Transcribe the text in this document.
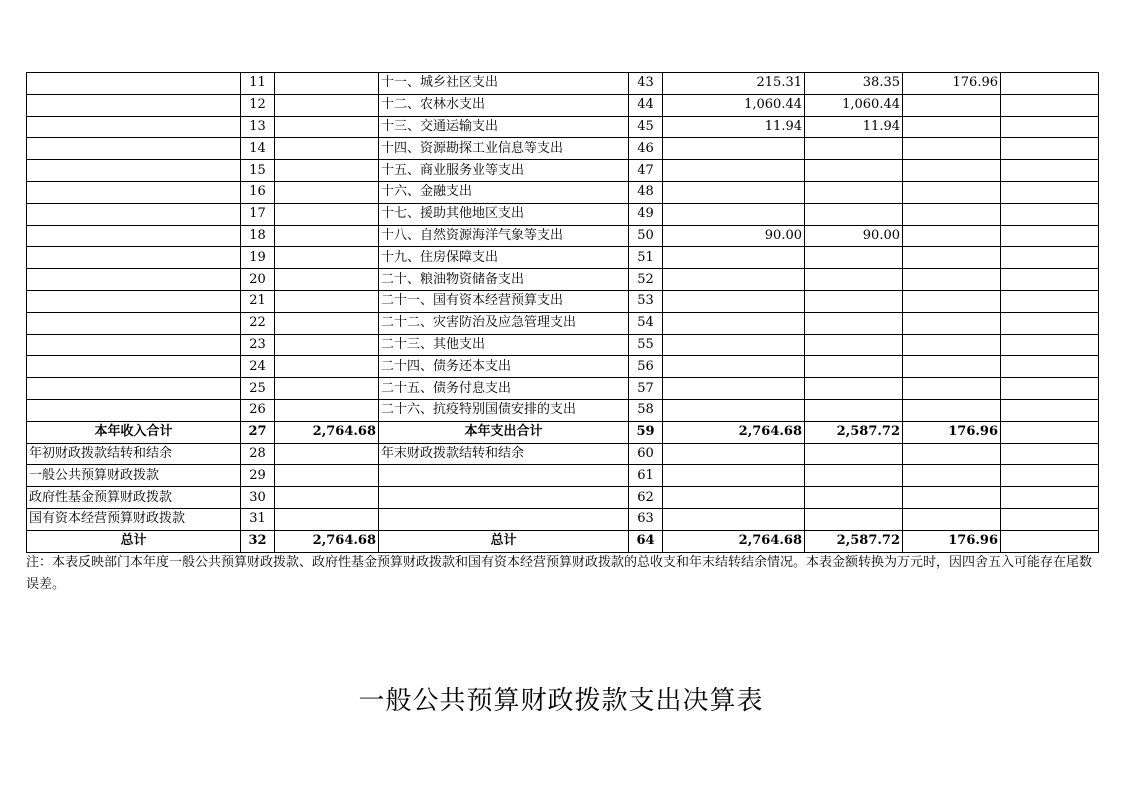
	11		十一、城乡社区支出	43	215.31	38.35	176.96	
	12		十二、农林水支出	44	1,060.44	1,060.44		
	13		十三、交通运输支出	45	11.94	11.94		
	14		十四、资源勘探工业信息等支出	46				
	15		十五、商业服务业等支出	47				
	16		十六、金融支出	48				
	17		十七、援助其他地区支出	49				
	18		十八、自然资源海洋气象等支出	50	90.00	90.00		
	19		十九、住房保障支出	51				
	20		二十、粮油物资储备支出	52				
	21		二十一、国有资本经营预算支出	53				
	22		二十二、灾害防治及应急管理支出	54				
	23		二十三、其他支出	55				
	24		二十四、债务还本支出	56				
	25		二十五、债务付息支出	57				
	26		二十六、抗疫特别国债安排的支出	58				
本年收入合计	27	2,764.68	本年支出合计	59	2,764.68	2,587.72	176.96	
年初财政拨款结转和结余	28		年末财政拨款结转和结余	60				
一般公共预算财政拨款	29			61				
政府性基金预算财政拨款	30			62				
国有资本经营预算财政拨款	31			63				
总计	32	2,764.68	总计	64	2,764.68	2,587.72	176.96	
注：本表反映部门本年度一般公共预算财政拨款、政府性基金预算财政拨款和国有资本经营预算财政拨款的总收支和年末结转结余情况。本表金额转换为万元时，因四舍五入可能存在尾数误差。
一般公共预算财政拨款支出决算表
